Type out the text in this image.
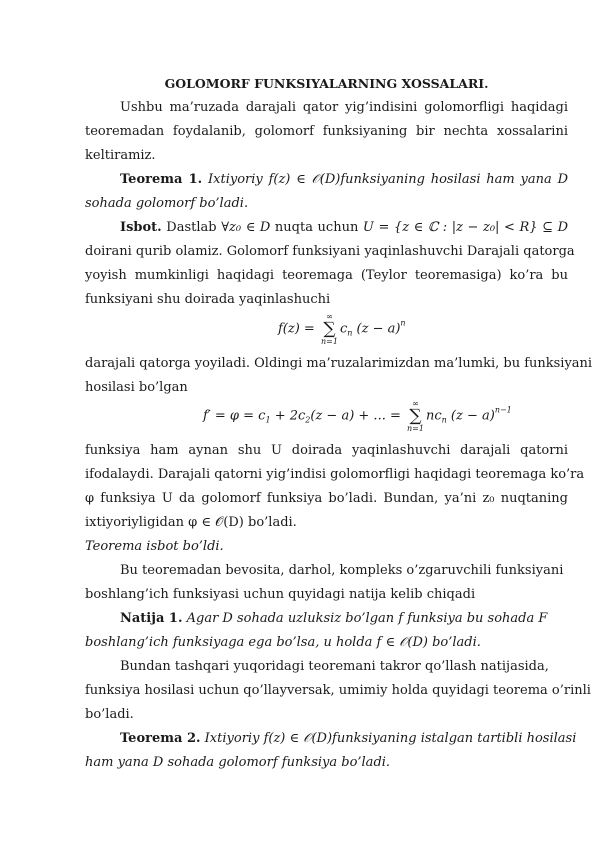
GOLOMORF FUNKSIYALARNING XOSSALARI.
Ushbu ma’ruzada darajali qator yig’indisini golomorfligi haqidagi
teoremadan foydalanib, golomorf funksiyaning bir nechta xossalarini
keltiramiz.
Teorema 1. Ixtiyoriy f(z) ∈ 𝒪(D)funksiyaning hosilasi ham yana D
sohada golomorf bo’ladi.
Isbot. Dastlab ∀z₀ ∈ D nuqta uchun U = {z ∈ ℂ : |z − z₀| < R} ⊆ D
doirani qurib olamiz. Golomorf funksiyani yaqinlashuvchi Darajali qatorga
yoyish mumkinligi haqidagi teoremaga (Teylor teoremasiga) ko’ra bu
funksiyani shu doirada yaqinlashuchi
f(z) =
∞
∑
n=1
$c_n$ $(z - a)^n$
darajali qatorga yoyiladi. Oldingi ma’ruzalarimizdan ma’lumki, bu funksiyani
hosilasi bo’lgan
$f' = \varphi = c_1 + 2c_2(z - a)$ + ... =
∞
∑
n=1
$nc_n$ $(z - a)^{n-1}$
funksiya ham aynan shu U doirada yaqinlashuvchi darajali qatorni
ifodalaydi. Darajali qatorni yig’indisi golomorfligi haqidagi teoremaga ko’ra
φ funksiya U da golomorf funksiya bo’ladi. Bundan, ya’ni z₀ nuqtaning
ixtiyoriyligidan φ ∈ 𝒪(D) bo’ladi.
Teorema isbot bo’ldi.
Bu teoremadan bevosita, darhol, kompleks o’zgaruvchili funksiyani
boshlang’ich funksiyasi uchun quyidagi natija kelib chiqadi
Natija 1. Agar D sohada uzluksiz bo’lgan f funksiya bu sohada F
boshlang’ich funksiyaga ega bo’lsa, u holda f ∈ 𝒪(D) bo’ladi.
Bundan tashqari yuqoridagi teoremani takror qo’llash natijasida,
funksiya hosilasi uchun qo’llayversak, umimiy holda quyidagi teorema o’rinli
bo’ladi.
Teorema 2. Ixtiyoriy f(z) ∈ 𝒪(D)funksiyaning istalgan tartibli hosilasi
ham yana D sohada golomorf funksiya bo’ladi.
